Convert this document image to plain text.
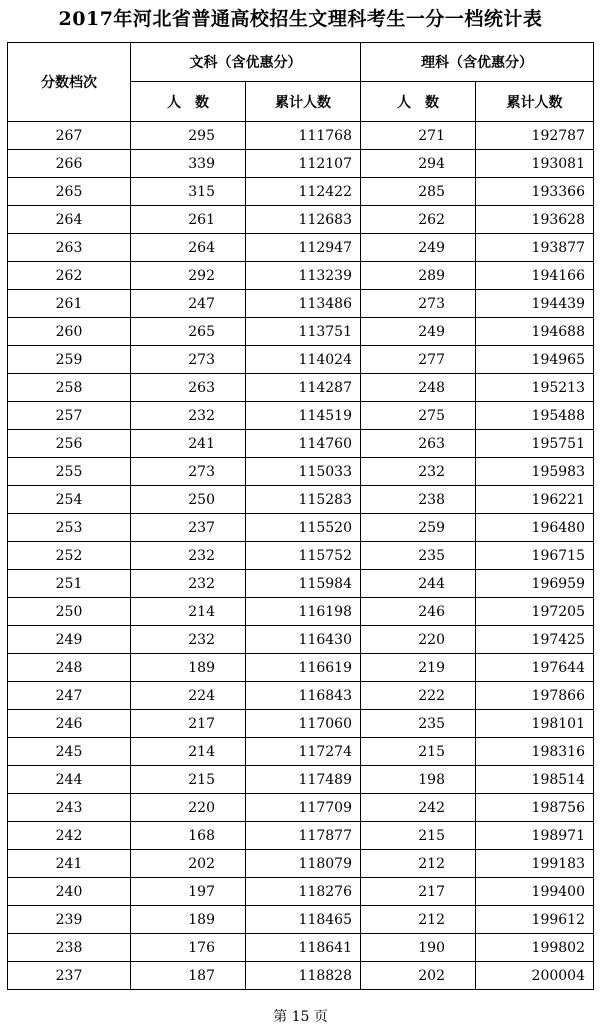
2017年河北省普通高校招生文理科考生一分一档统计表
分数档次	文科（含优惠分）		理科（含优惠分）	
	人　数	累计人数	人　数	累计人数
267	295	111768	271	192787
266	339	112107	294	193081
265	315	112422	285	193366
264	261	112683	262	193628
263	264	112947	249	193877
262	292	113239	289	194166
261	247	113486	273	194439
260	265	113751	249	194688
259	273	114024	277	194965
258	263	114287	248	195213
257	232	114519	275	195488
256	241	114760	263	195751
255	273	115033	232	195983
254	250	115283	238	196221
253	237	115520	259	196480
252	232	115752	235	196715
251	232	115984	244	196959
250	214	116198	246	197205
249	232	116430	220	197425
248	189	116619	219	197644
247	224	116843	222	197866
246	217	117060	235	198101
245	214	117274	215	198316
244	215	117489	198	198514
243	220	117709	242	198756
242	168	117877	215	198971
241	202	118079	212	199183
240	197	118276	217	199400
239	189	118465	212	199612
238	176	118641	190	199802
237	187	118828	202	200004
第 15 页
